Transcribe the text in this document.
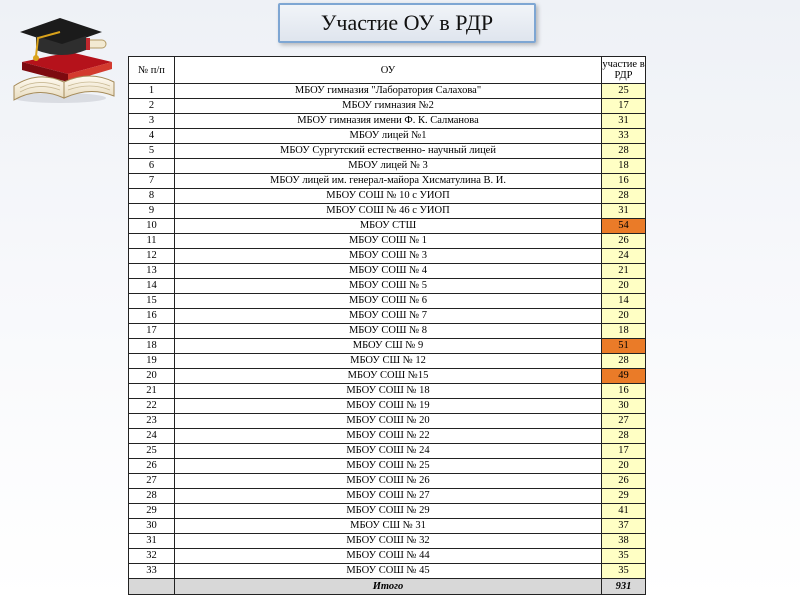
Участие ОУ в РДР
№ п/п	ОУ	участие в РДР
1	МБОУ гимназия "Лаборатория Салахова"	25
2	МБОУ гимназия №2	17
3	МБОУ гимназия имени Ф. К. Салманова	31
4	МБОУ лицей №1	33
5	МБОУ Сургутский естественно- научный лицей	28
6	МБОУ лицей № 3	18
7	МБОУ лицей им. генерал-майора Хисматулина В. И.	16
8	МБОУ СОШ № 10 с УИОП	28
9	МБОУ СОШ № 46 с УИОП	31
10	МБОУ СТШ	54
11	МБОУ СОШ № 1	26
12	МБОУ СОШ № 3	24
13	МБОУ СОШ № 4	21
14	МБОУ СОШ № 5	20
15	МБОУ СОШ № 6	14
16	МБОУ СОШ № 7	20
17	МБОУ СОШ № 8	18
18	МБОУ СШ № 9	51
19	МБОУ СШ № 12	28
20	МБОУ СОШ №15	49
21	МБОУ СОШ № 18	16
22	МБОУ СОШ № 19	30
23	МБОУ СОШ № 20	27
24	МБОУ СОШ № 22	28
25	МБОУ СОШ № 24	17
26	МБОУ СОШ № 25	20
27	МБОУ СОШ № 26	26
28	МБОУ СОШ № 27	29
29	МБОУ СОШ № 29	41
30	МБОУ СШ № 31	37
31	МБОУ СОШ № 32	38
32	МБОУ СОШ № 44	35
33	МБОУ СОШ № 45	35
	Итого	931
